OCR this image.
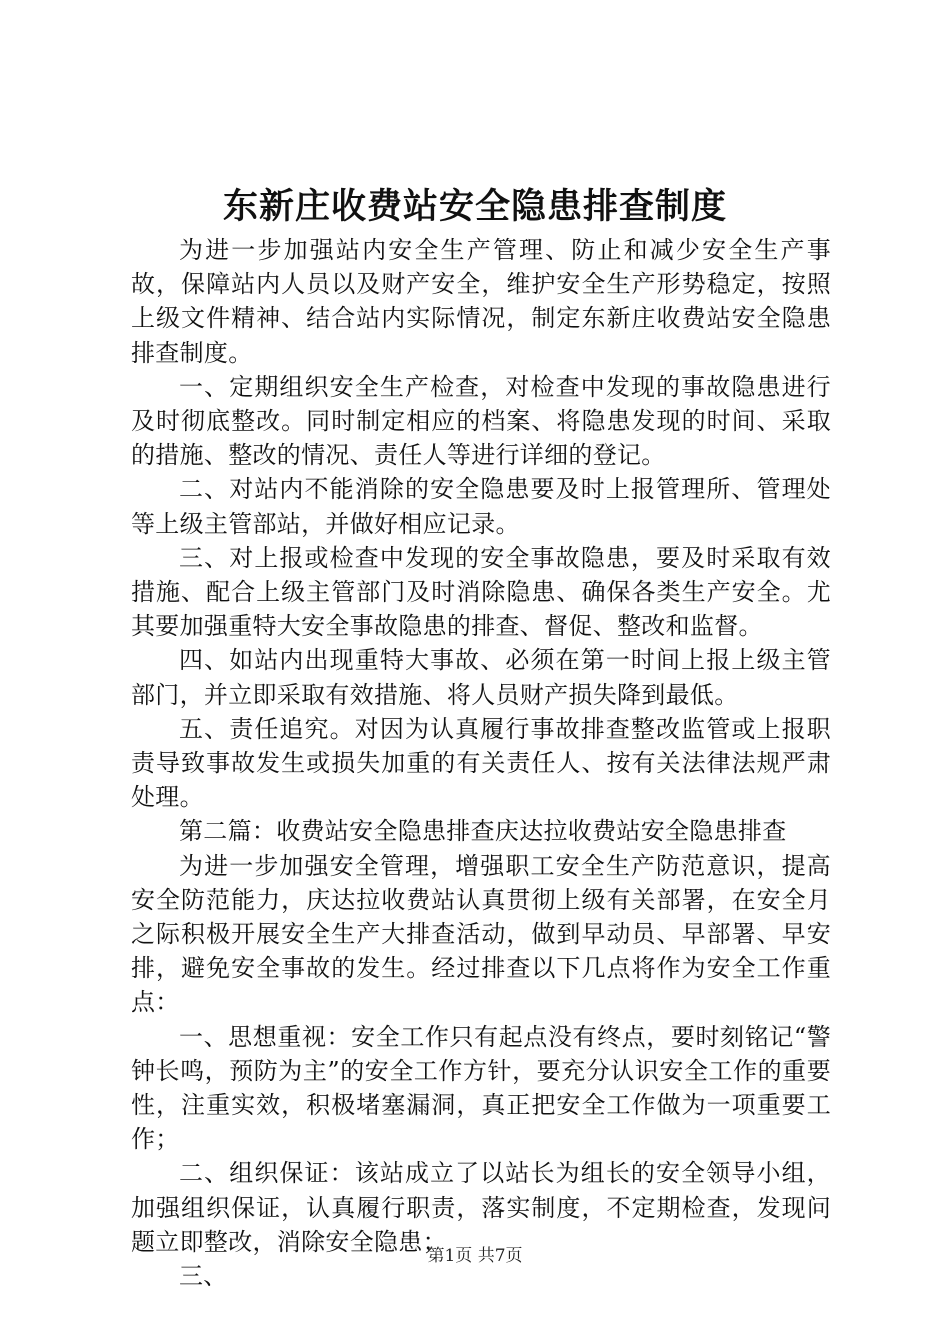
东新庄收费站安全隐患排查制度

为进一步加强站内安全生产管理、防止和减少安全生产事故，保障站内人员以及财产安全，维护安全生产形势稳定，按照上级文件精神、结合站内实际情况，制定东新庄收费站安全隐患排查制度。

一、定期组织安全生产检查，对检查中发现的事故隐患进行及时彻底整改。同时制定相应的档案、将隐患发现的时间、采取的措施、整改的情况、责任人等进行详细的登记。

二、对站内不能消除的安全隐患要及时上报管理所、管理处等上级主管部站，并做好相应记录。

三、对上报或检查中发现的安全事故隐患，要及时采取有效措施、配合上级主管部门及时消除隐患、确保各类生产安全。尤其要加强重特大安全事故隐患的排查、督促、整改和监督。

四、如站内出现重特大事故、必须在第一时间上报上级主管部门，并立即采取有效措施、将人员财产损失降到最低。

五、责任追究。对因为认真履行事故排查整改监管或上报职责导致事故发生或损失加重的有关责任人、按有关法律法规严肃处理。

第二篇：收费站安全隐患排查庆达拉收费站安全隐患排查

为进一步加强安全管理，增强职工安全生产防范意识，提高安全防范能力，庆达拉收费站认真贯彻上级有关部署，在安全月之际积极开展安全生产大排查活动，做到早动员、早部署、早安排，避免安全事故的发生。经过排查以下几点将作为安全工作重点：

一、思想重视：安全工作只有起点没有终点，要时刻铭记“警钟长鸣，预防为主”的安全工作方针，要充分认识安全工作的重要性，注重实效，积极堵塞漏洞，真正把安全工作做为一项重要工作；

二、组织保证：该站成立了以站长为组长的安全领导小组，加强组织保证，认真履行职责，落实制度，不定期检查，发现问题立即整改，消除安全隐患；

三、

第1页 共7页
